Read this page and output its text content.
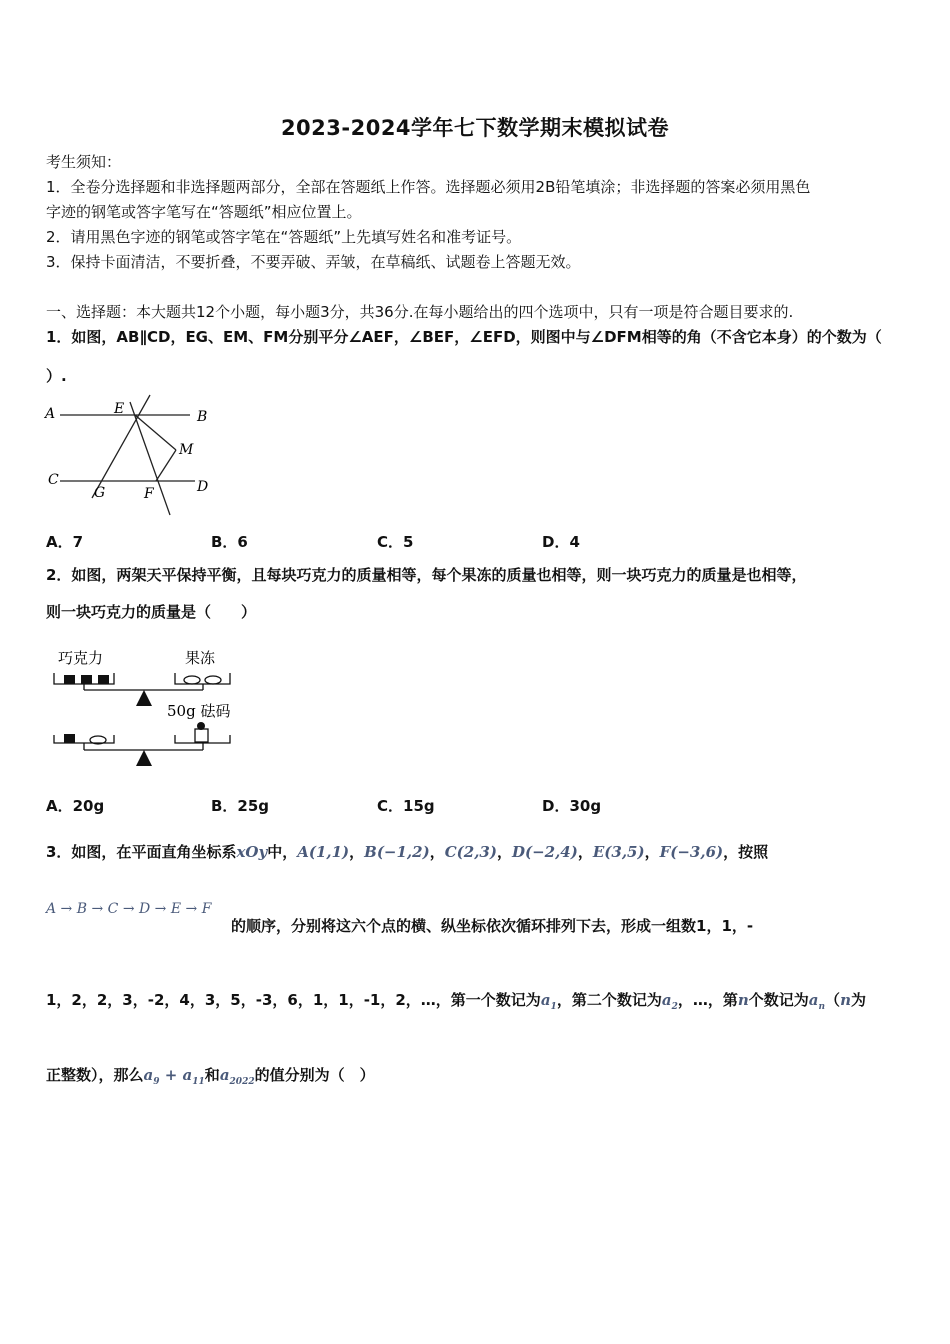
2023-2024学年七下数学期末模拟试卷
考生须知：
1．全卷分选择题和非选择题两部分，全部在答题纸上作答。选择题必须用2B铅笔填涂；非选择题的答案必须用黑色
字迹的钢笔或答字笔写在“答题纸”相应位置上。
2．请用黑色字迹的钢笔或答字笔在“答题纸”上先填写姓名和准考证号。
3．保持卡面清洁，不要折叠，不要弄破、弄皱，在草稿纸、试题卷上答题无效。
一、选择题：本大题共12个小题，每小题3分，共36分.在每小题给出的四个选项中，只有一项是符合题目要求的.
1．如图，AB∥CD，EG、EM、FM分别平分∠AEF，∠BEF，∠EFD，则图中与∠DFM相等的角（不含它本身）的个数为（
）.
A	E	B
M
C
G	F	D
A．7	B．6	C．5	D．4
2．如图，两架天平保持平衡，且每块巧克力的质量相等，每个果冻的质量也相等，则一块巧克力的质量是也相等，
则一块巧克力的质量是（　　）
巧克力	果冻
50g 砝码
A．20g	B．25g	C．15g	D．30g
3．如图，在平面直角坐标系xOy中，A(1,1)，B(−1,2)，C(2,3)，D(−2,4)，E(3,5)，F(−3,6)，按照
A → B → C → D → E → F
的顺序，分别将这六个点的横、纵坐标依次循环排列下去，形成一组数1，1，-
1，2，2，3，-2，4，3，5，-3，6，1，1，-1，2，…，第一个数记为$a_1$，第二个数记为$a_2$，…，第n个数记为$a_n(n$为
正整数），那么$a_9 + a_{11}$和$a_{2022}$的值分别为（　）
